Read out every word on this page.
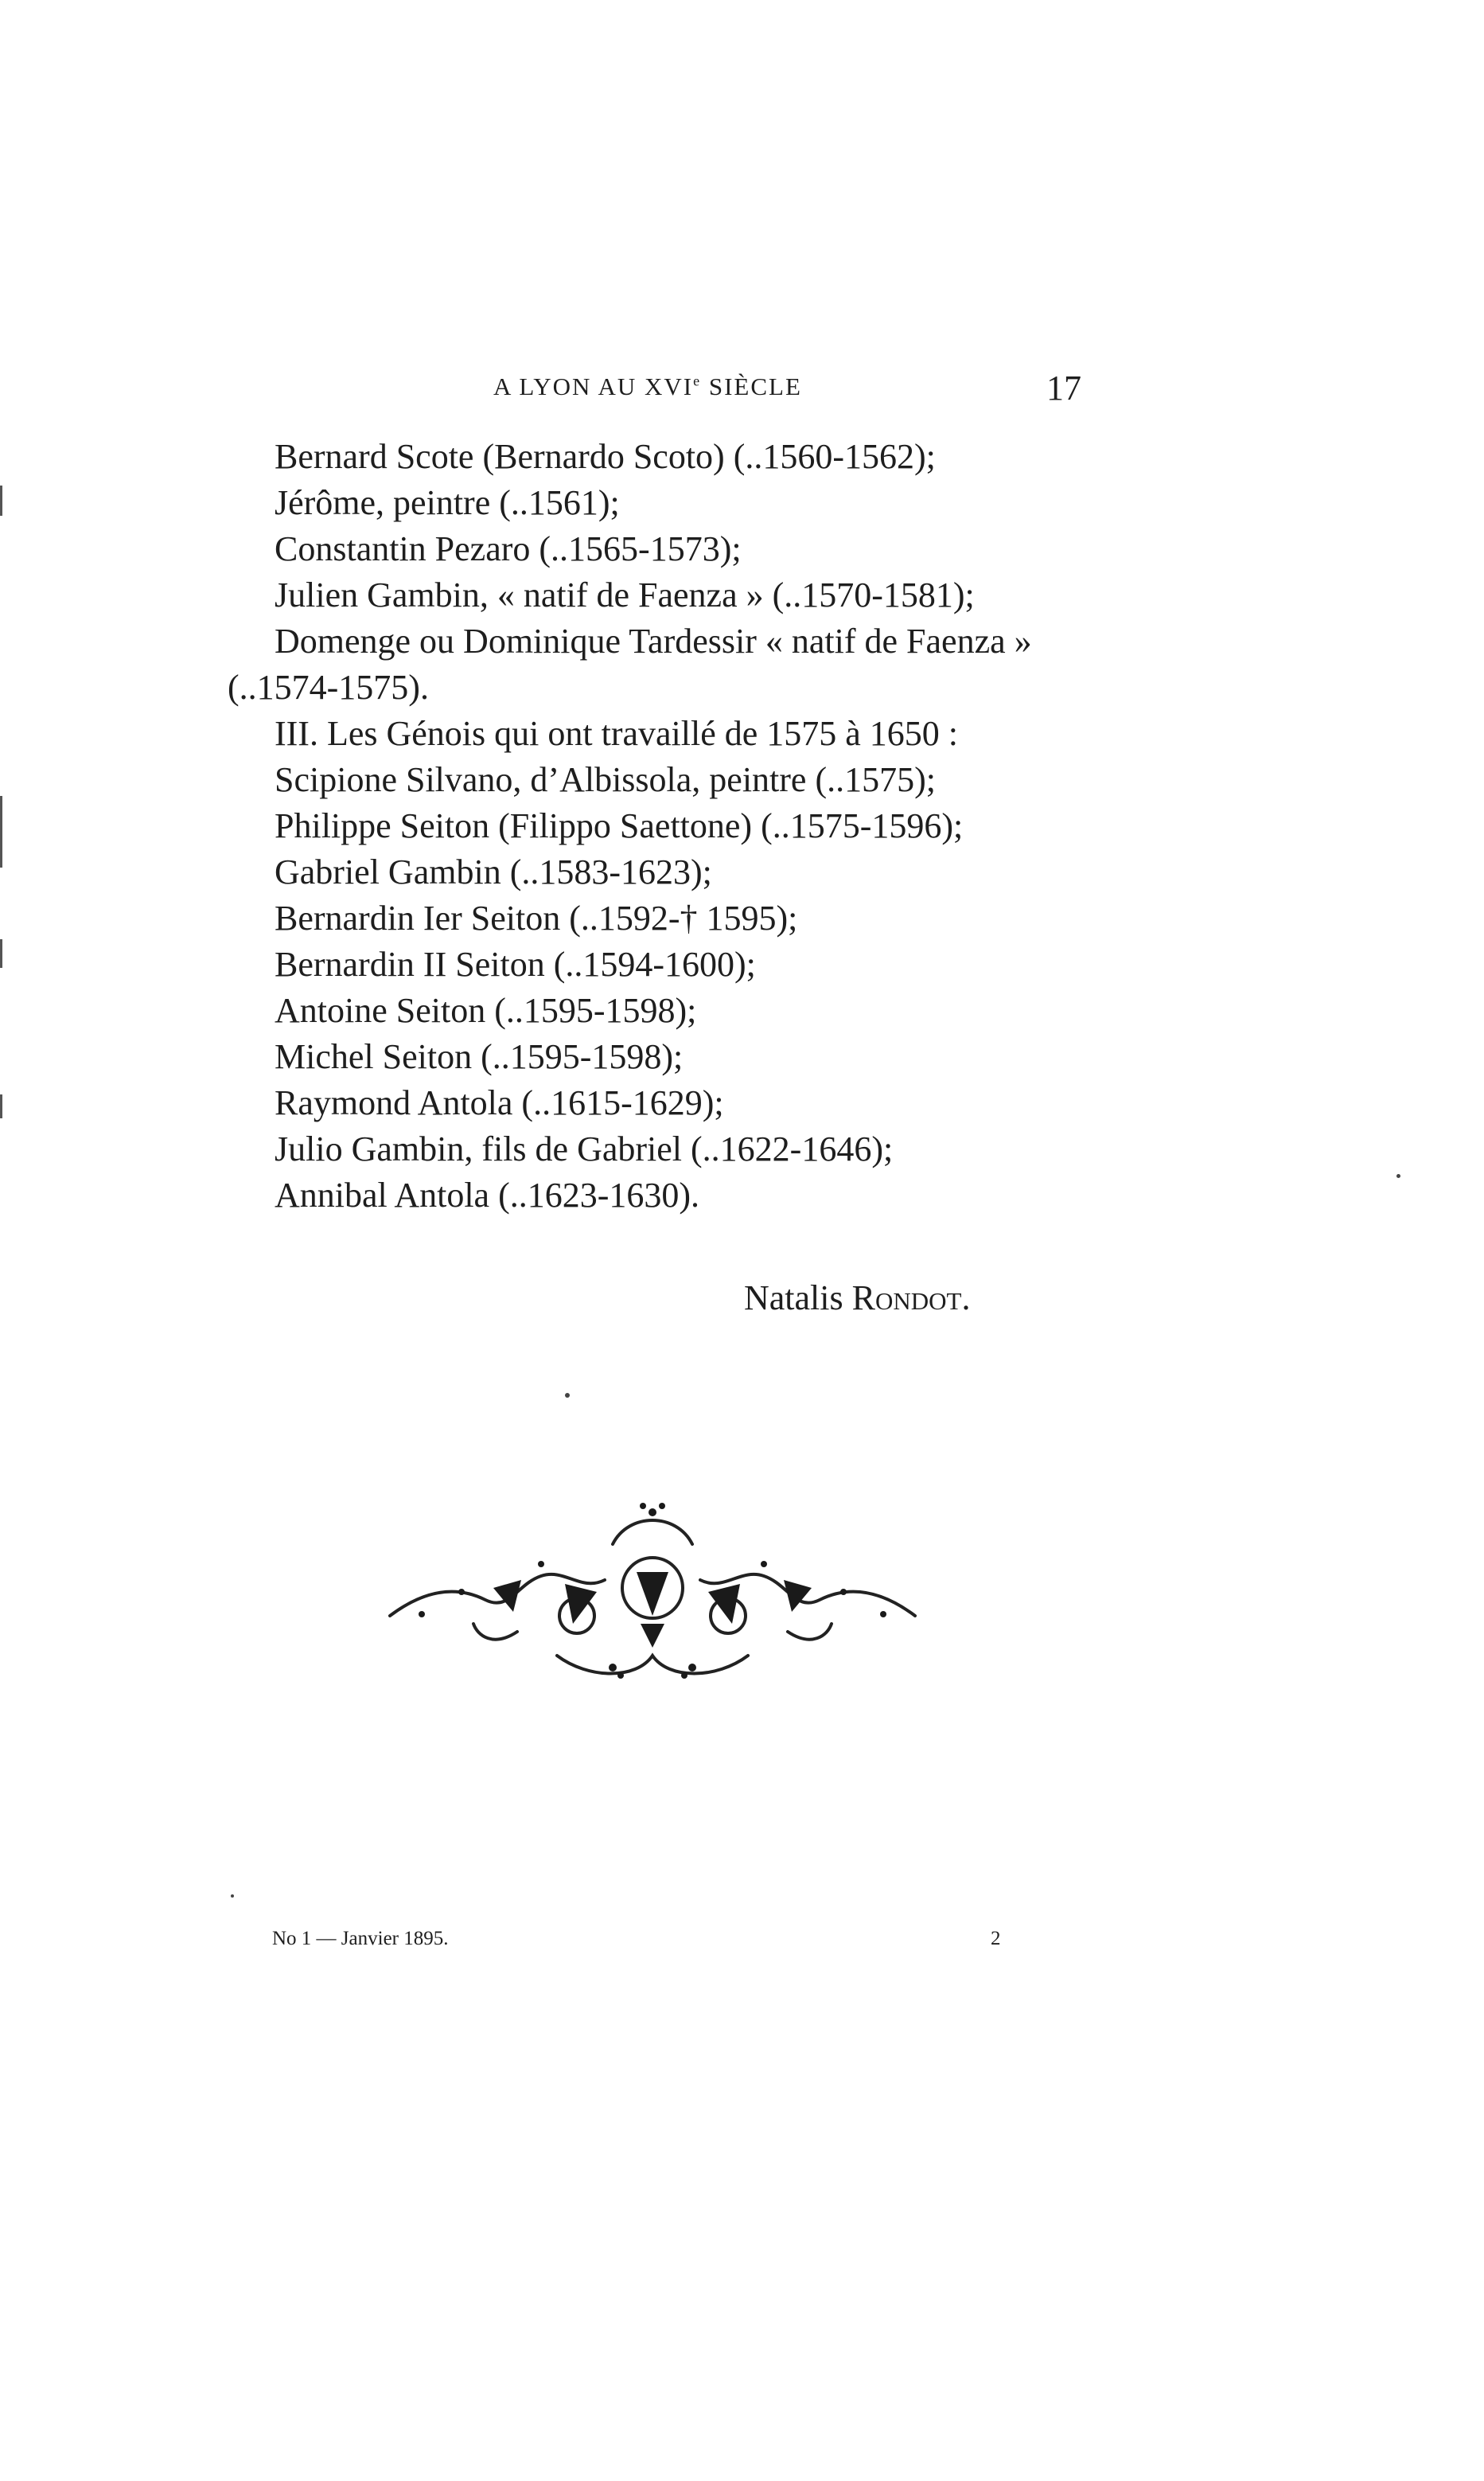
A LYON AU XVIe SIÈCLE	17
Bernard Scote (Bernardo Scoto) (..1560-1562);
Jérôme, peintre (..1561);
Constantin Pezaro (..1565-1573);
Julien Gambin, « natif de Faenza » (..1570-1581);
Domenge ou Dominique Tardessir « natif de Faenza »
(..1574-1575).
III. Les Génois qui ont travaillé de 1575 à 1650 :
Scipione Silvano, d’Albissola, peintre (..1575);
Philippe Seiton (Filippo Saettone) (..1575-1596);
Gabriel Gambin (..1583-1623);
Bernardin Ier Seiton (..1592-† 1595);
Bernardin II Seiton (..1594-1600);
Antoine Seiton (..1595-1598);
Michel Seiton (..1595-1598);
Raymond Antola (..1615-1629);
Julio Gambin, fils de Gabriel (..1622-1646);
Annibal Antola (..1623-1630).
Natalis Rondot.
No 1 — Janvier 1895.	2
